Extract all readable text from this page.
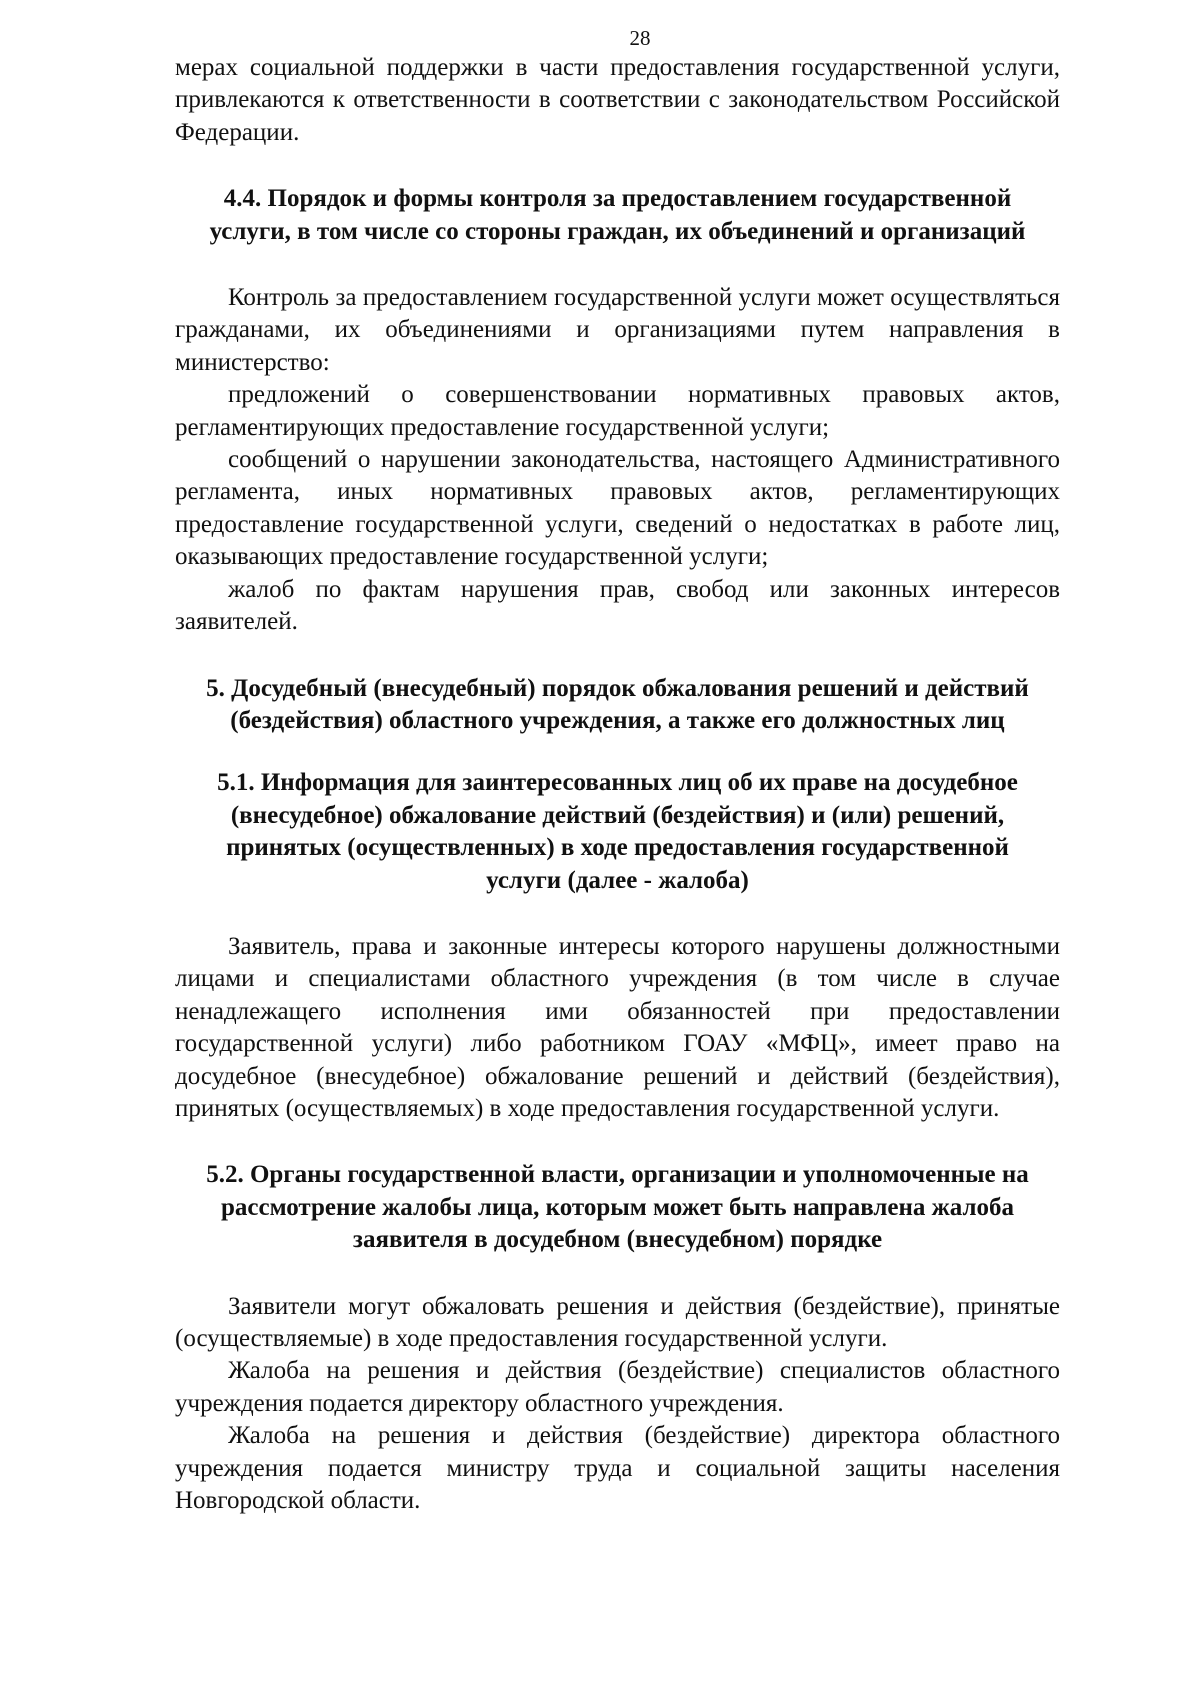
28

мерах социальной поддержки в части предоставления государственной услуги, привлекаются к ответственности в соответствии с законодательством Российской Федерации.

4.4. Порядок и формы контроля за предоставлением государственной услуги, в том числе со стороны граждан, их объединений и организаций

Контроль за предоставлением государственной услуги может осуществляться гражданами, их объединениями и организациями путем направления в министерство:

предложений о совершенствовании нормативных правовых актов, регламентирующих предоставление государственной услуги;

сообщений о нарушении законодательства, настоящего Административного регламента, иных нормативных правовых актов, регламентирующих предоставление государственной услуги, сведений о недостатках в работе лиц, оказывающих предоставление государственной услуги;

жалоб по фактам нарушения прав, свобод или законных интересов заявителей.

5. Досудебный (внесудебный) порядок обжалования решений и действий (бездействия) областного учреждения, а также его должностных лиц
5.1. Информация для заинтересованных лиц об их праве на досудебное (внесудебное) обжалование действий (бездействия) и (или) решений, принятых (осуществленных) в ходе предоставления государственной услуги (далее - жалоба)

Заявитель, права и законные интересы которого нарушены должностными лицами и специалистами областного учреждения (в том числе в случае ненадлежащего исполнения ими обязанностей при предоставлении государственной услуги) либо работником ГОАУ «МФЦ», имеет право на досудебное (внесудебное) обжалование решений и действий (бездействия), принятых (осуществляемых) в ходе предоставления государственной услуги.

5.2. Органы государственной власти, организации и уполномоченные на рассмотрение жалобы лица, которым может быть направлена жалоба заявителя в досудебном (внесудебном) порядке

Заявители могут обжаловать решения и действия (бездействие), принятые (осуществляемые) в ходе предоставления государственной услуги.

Жалоба на решения и действия (бездействие) специалистов областного учреждения подается директору областного учреждения.

Жалоба на решения и действия (бездействие) директора областного учреждения подается министру труда и социальной защиты населения Новгородской области.
